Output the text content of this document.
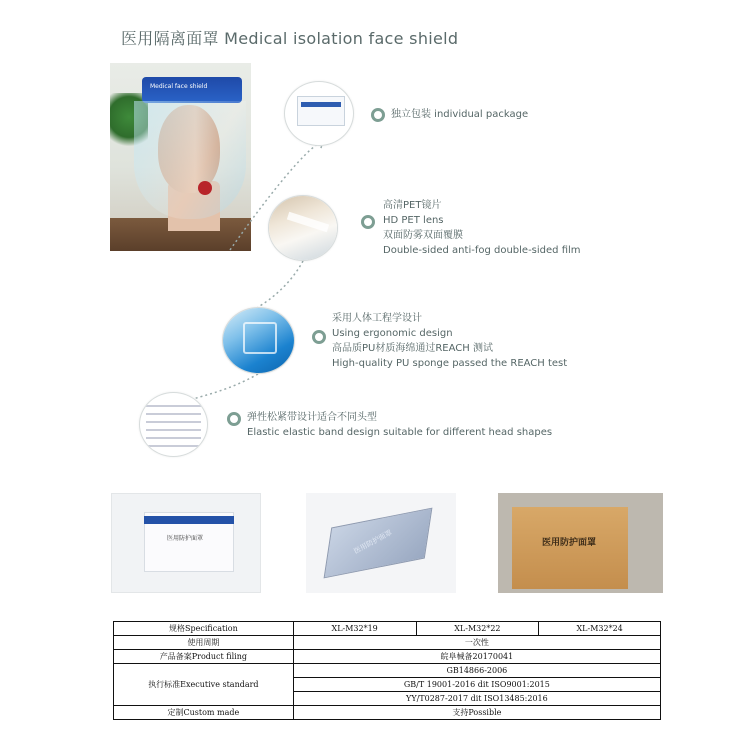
医用隔离面罩 Medical isolation face shield
Medical face shield
独立包装 individual package
高清PET镜片
HD PET lens
双面防雾双面覆膜
Double-sided anti-fog double-sided film
采用人体工程学设计
Using ergonomic design
高品质PU材质海绵通过REACH 测试
High-quality PU sponge passed the REACH test
弹性松紧带设计适合不同头型
Elastic elastic band design suitable for different head shapes
医用防护面罩	医用防护面罩	医用防护面罩
规格Specification	XL-M32*19	XL-M32*22	XL-M32*24
使用周期	一次性		
产品备案Product filing	皖阜械备20170041		
执行标准Executive standard	GB14866-2006		
	GB/T 19001-2016 dit ISO9001:2015		
	YY/T0287-2017 dit ISO13485:2016		
定制Custom made	支持Possible		
